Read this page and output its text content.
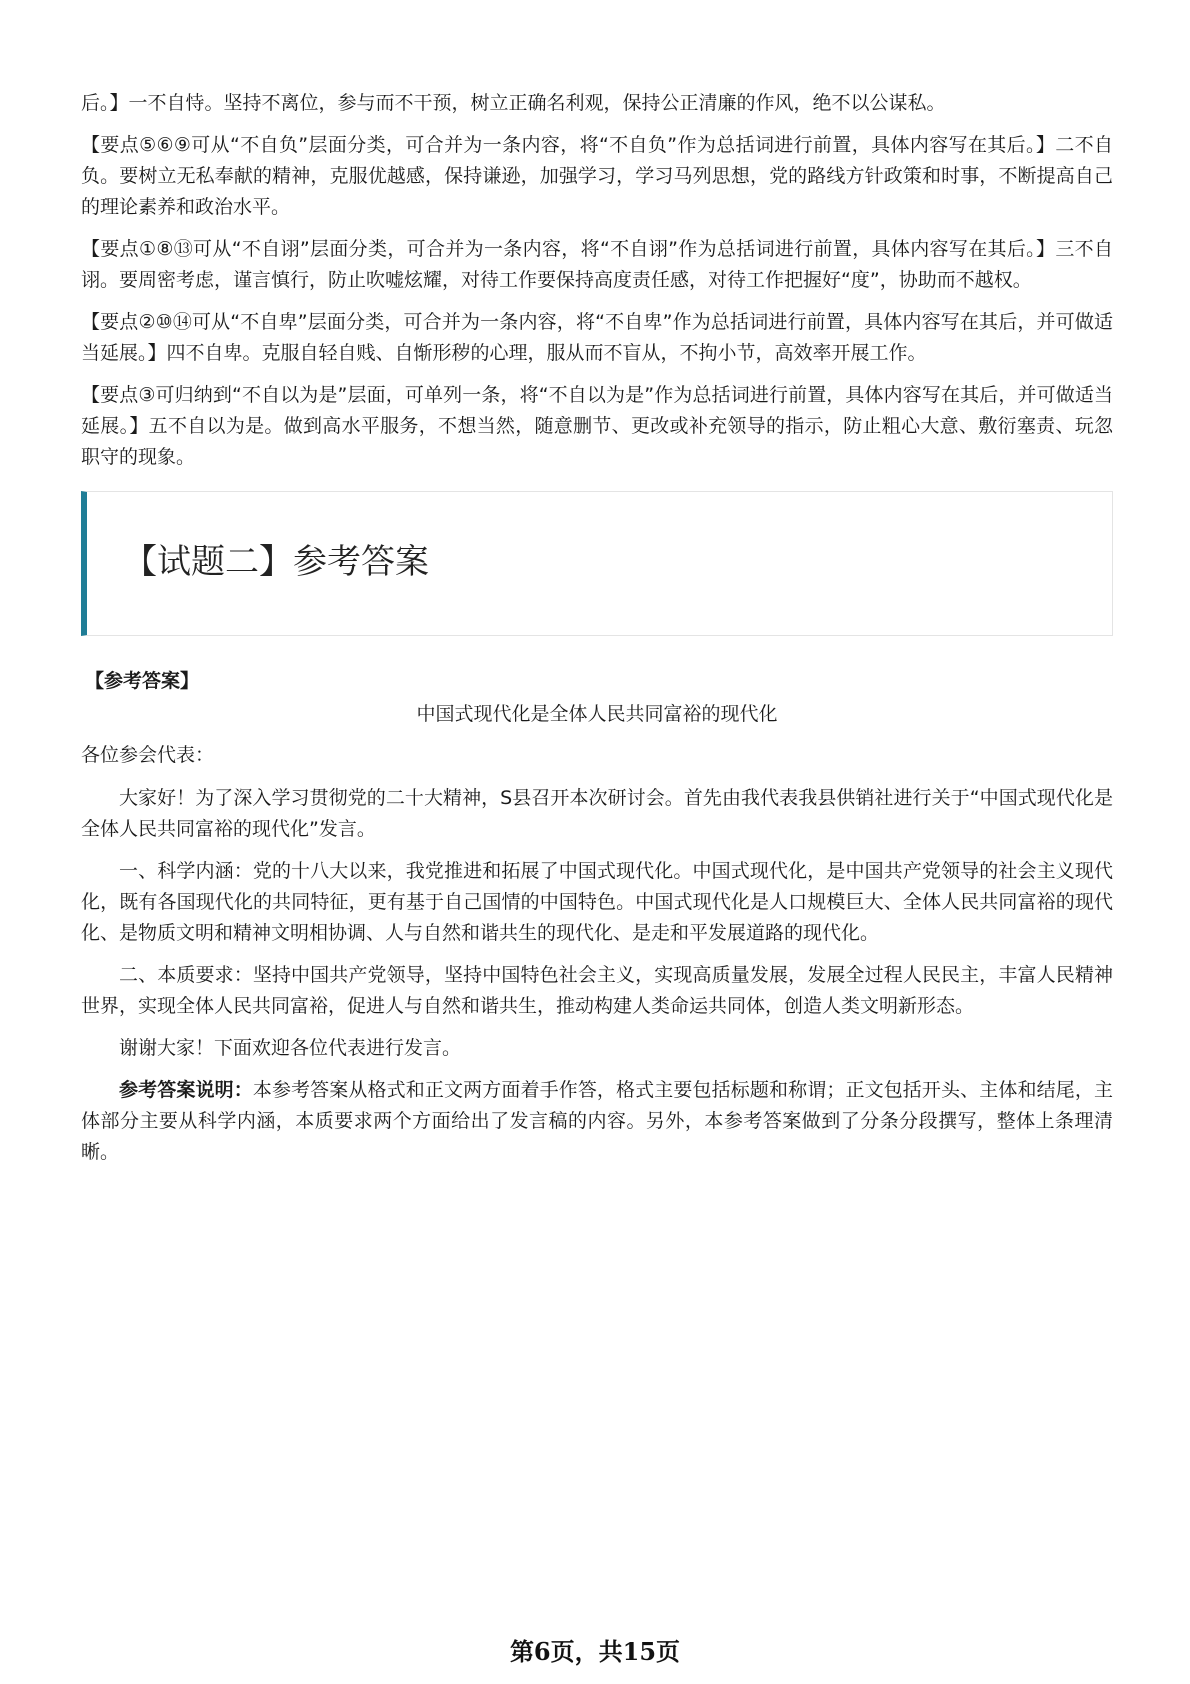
后。】一不自恃。坚持不离位，参与而不干预，树立正确名利观，保持公正清廉的作风，绝不以公谋私。

【要点⑤⑥⑨可从“不自负”层面分类，可合并为一条内容，将“不自负”作为总括词进行前置，具体内容写在其后。】二不自负。要树立无私奉献的精神，克服优越感，保持谦逊，加强学习，学习马列思想，党的路线方针政策和时事，不断提高自己的理论素养和政治水平。

【要点①⑧⑬可从“不自诩”层面分类，可合并为一条内容，将“不自诩”作为总括词进行前置，具体内容写在其后。】三不自诩。要周密考虑，谨言慎行，防止吹嘘炫耀，对待工作要保持高度责任感，对待工作把握好“度”，协助而不越权。

【要点②⑩⑭可从“不自卑”层面分类，可合并为一条内容，将“不自卑”作为总括词进行前置，具体内容写在其后，并可做适当延展。】四不自卑。克服自轻自贱、自惭形秽的心理，服从而不盲从，不拘小节，高效率开展工作。

【要点③可归纳到“不自以为是”层面，可单列一条，将“不自以为是”作为总括词进行前置，具体内容写在其后，并可做适当延展。】五不自以为是。做到高水平服务，不想当然，随意删节、更改或补充领导的指示，防止粗心大意、敷衍塞责、玩忽职守的现象。

【试题二】参考答案
【参考答案】
中国式现代化是全体人民共同富裕的现代化
各位参会代表：

大家好！为了深入学习贯彻党的二十大精神，S县召开本次研讨会。首先由我代表我县供销社进行关于“中国式现代化是全体人民共同富裕的现代化”发言。

一、科学内涵：党的十八大以来，我党推进和拓展了中国式现代化。中国式现代化，是中国共产党领导的社会主义现代化，既有各国现代化的共同特征，更有基于自己国情的中国特色。中国式现代化是人口规模巨大、全体人民共同富裕的现代化、是物质文明和精神文明相协调、人与自然和谐共生的现代化、是走和平发展道路的现代化。

二、本质要求：坚持中国共产党领导，坚持中国特色社会主义，实现高质量发展，发展全过程人民民主，丰富人民精神世界，实现全体人民共同富裕，促进人与自然和谐共生，推动构建人类命运共同体，创造人类文明新形态。

谢谢大家！下面欢迎各位代表进行发言。

参考答案说明：本参考答案从格式和正文两方面着手作答，格式主要包括标题和称谓；正文包括开头、主体和结尾，主体部分主要从科学内涵，本质要求两个方面给出了发言稿的内容。另外，本参考答案做到了分条分段撰写，整体上条理清晰。

第6页，共15页
